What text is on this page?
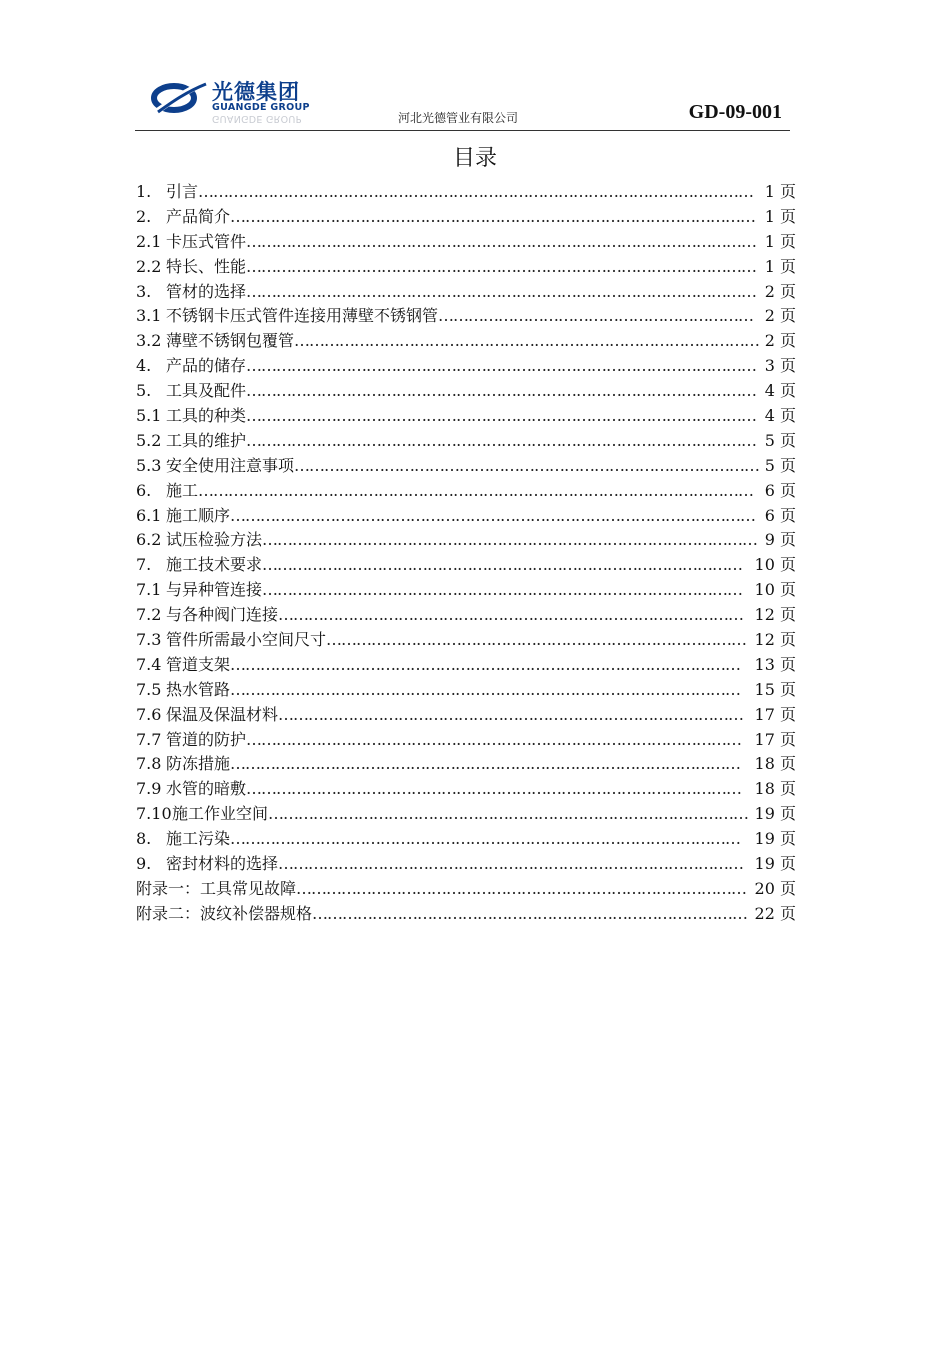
光德集团
GUANGDE GROUP
GUANGDE GROUP	河北光德管业有限公司	GD-09-001
目录
1. 引言………………………………………………………………………………………………… 1 页
2. 产品简介…………………………………………………………………………………………… 1 页
2.1 卡压式管件………………………………………………………………………………………… 1 页
2.2 特长、性能………………………………………………………………………………………… 1 页
3. 管材的选择………………………………………………………………………………………… 2 页
3.1 不锈钢卡压式管件连接用薄壁不锈钢管……………………………………………………… 2 页
3.2 薄壁不锈钢包覆管………………………………………………………………………………… 2 页
4. 产品的储存………………………………………………………………………………………… 3 页
5. 工具及配件………………………………………………………………………………………… 4 页
5.1 工具的种类………………………………………………………………………………………… 4 页
5.2 工具的维护………………………………………………………………………………………… 5 页
5.3 安全使用注意事项………………………………………………………………………………… 5 页
6. 施工………………………………………………………………………………………………… 6 页
6.1 施工顺序…………………………………………………………………………………………… 6 页
6.2 试压检验方法……………………………………………………………………………………… 9 页
7. 施工技术要求…………………………………………………………………………………… 10 页
7.1 与异种管连接…………………………………………………………………………………… 10 页
7.2 与各种阀门连接………………………………………………………………………………… 12 页
7.3 管件所需最小空间尺寸………………………………………………………………………… 12 页
7.4 管道支架………………………………………………………………………………………… 13 页
7.5 热水管路………………………………………………………………………………………… 15 页
7.6 保温及保温材料………………………………………………………………………………… 17 页
7.7 管道的防护……………………………………………………………………………………… 17 页
7.8 防冻措施………………………………………………………………………………………… 18 页
7.9 水管的暗敷……………………………………………………………………………………… 18 页
7.10施工作业空间…………………………………………………………………………………… 19 页
8. 施工污染………………………………………………………………………………………… 19 页
9. 密封材料的选择………………………………………………………………………………… 19 页
附录一：工具常见故障……………………………………………………………………………… 20 页
附录二：波纹补偿器规格…………………………………………………………………………… 22 页
